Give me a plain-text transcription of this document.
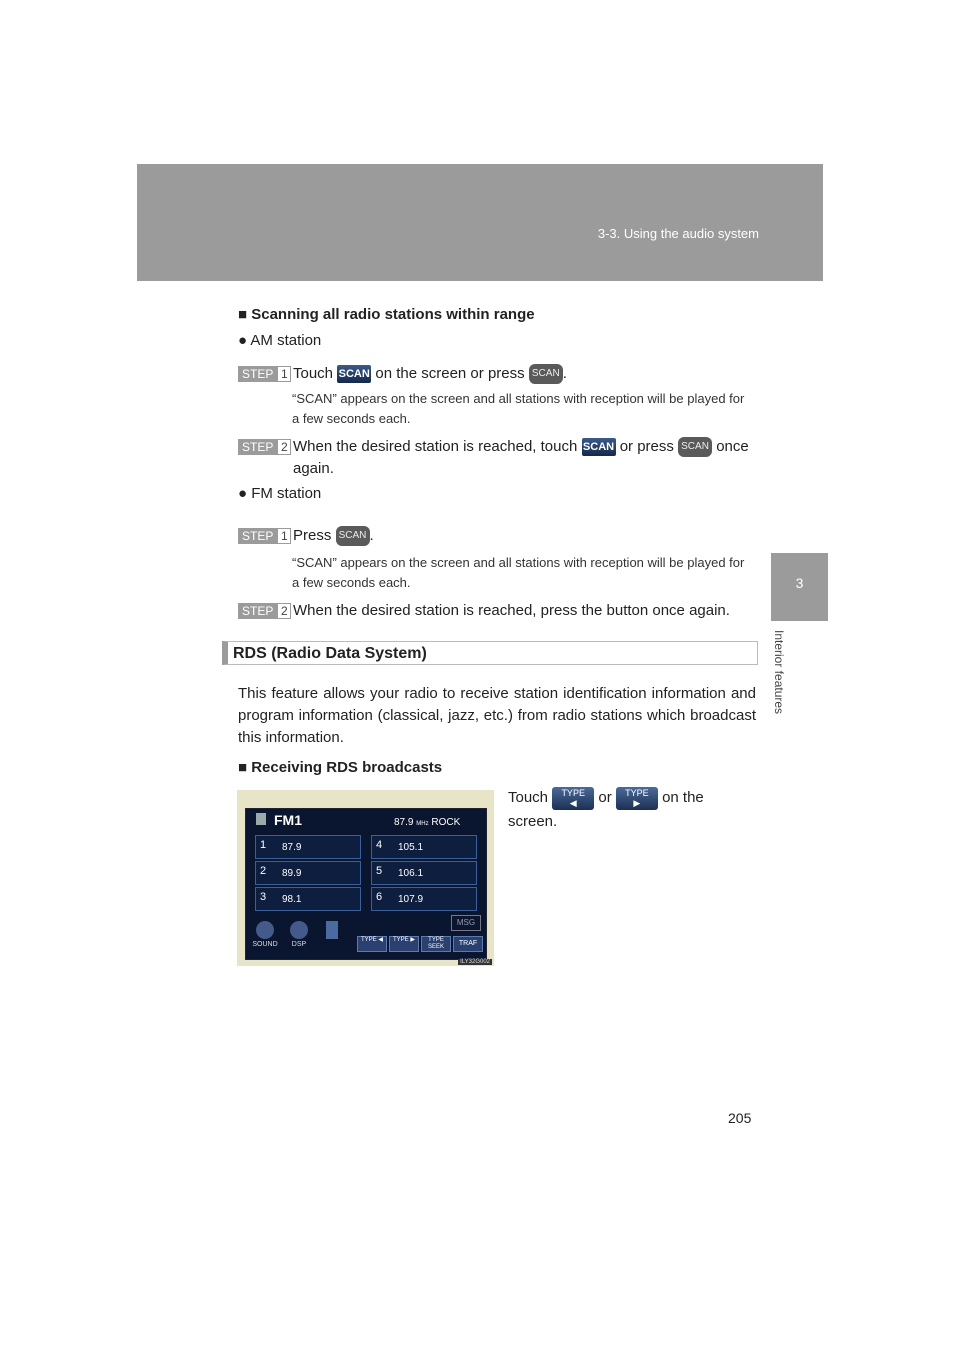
3-3. Using the audio system
3
Interior features
■ Scanning all radio stations within range
● AM station
STEP 1 Touch SCAN on the screen or press SCAN .
“SCAN” appears on the screen and all stations with reception will be played for a few seconds each.
STEP 2 When the desired station is reached, touch SCAN or press SCAN once again.
● FM station
STEP 1 Press SCAN .
“SCAN” appears on the screen and all stations with reception will be played for a few seconds each.
STEP 2 When the desired station is reached, press the button once again.
RDS (Radio Data System)
This feature allows your radio to receive station identification information and program information (classical, jazz, etc.) from radio stations which broadcast this information.
■ Receiving RDS broadcasts
Touch TYPE
◀ or TYPE
▶ on the screen.
FM1	87.9 MHz ROCK
1 87.9
2 89.9
3 98.1
4 105.1
5 106.1
6 107.9
MSG
SOUND	DSP
TYPE ◀	TYPE ▶	TYPE SEEK	TRAF
ILY32G002
205
